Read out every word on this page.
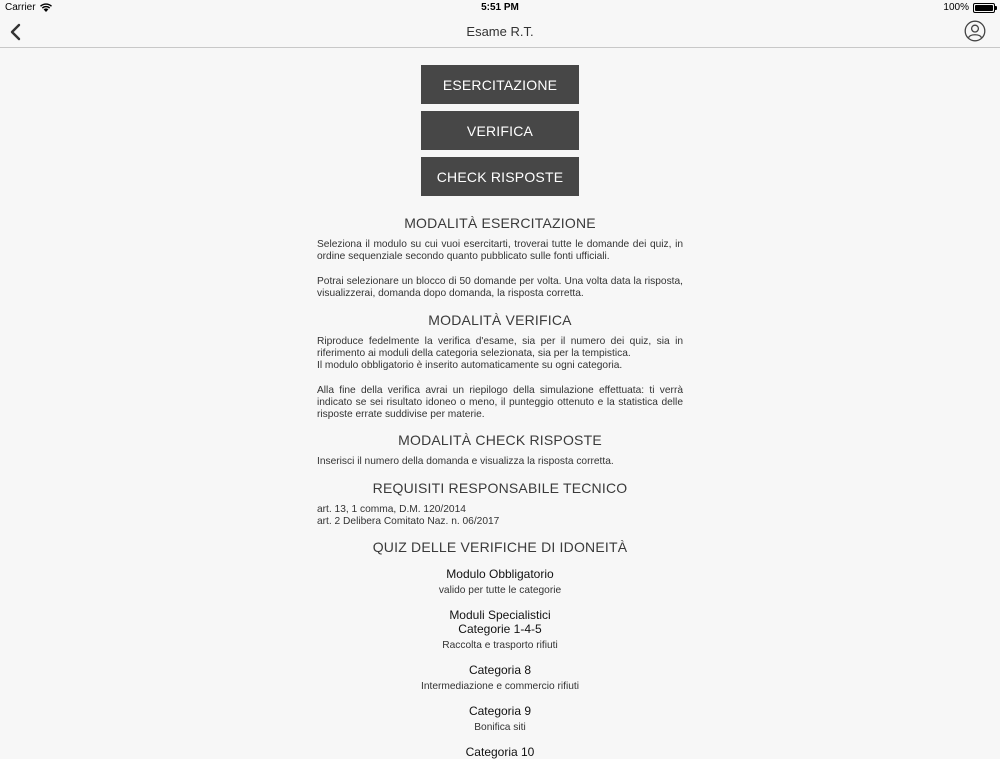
Carrier	5:51 PM	100%
Esame R.T.
ESERCITAZIONE
VERIFICA
CHECK RISPOSTE
MODALITÀ ESERCITAZIONE
Seleziona il modulo su cui vuoi esercitarti, troverai tutte le domande dei quiz, in ordine sequenziale secondo quanto pubblicato sulle fonti ufficiali.
Potrai selezionare un blocco di 50 domande per volta. Una volta data la risposta, visualizzerai, domanda dopo domanda, la risposta corretta.
MODALITÀ VERIFICA
Riproduce fedelmente la verifica d'esame, sia per il numero dei quiz, sia in riferimento ai moduli della categoria selezionata, sia per la tempistica.
Il modulo obbligatorio è inserito automaticamente su ogni categoria.
Alla fine della verifica avrai un riepilogo della simulazione effettuata: ti verrà indicato se sei risultato idoneo o meno, il punteggio ottenuto e la statistica delle risposte errate suddivise per materie.
MODALITÀ CHECK RISPOSTE
Inserisci il numero della domanda e visualizza la risposta corretta.
REQUISITI RESPONSABILE TECNICO
art. 13, 1 comma, D.M. 120/2014
art. 2 Delibera Comitato Naz. n. 06/2017
QUIZ DELLE VERIFICHE DI IDONEITÀ
Modulo Obbligatorio
valido per tutte le categorie
Moduli Specialistici
Categorie 1-4-5
Raccolta e trasporto rifiuti
Categoria 8
Intermediazione e commercio rifiuti
Categoria 9
Bonifica siti
Categoria 10
